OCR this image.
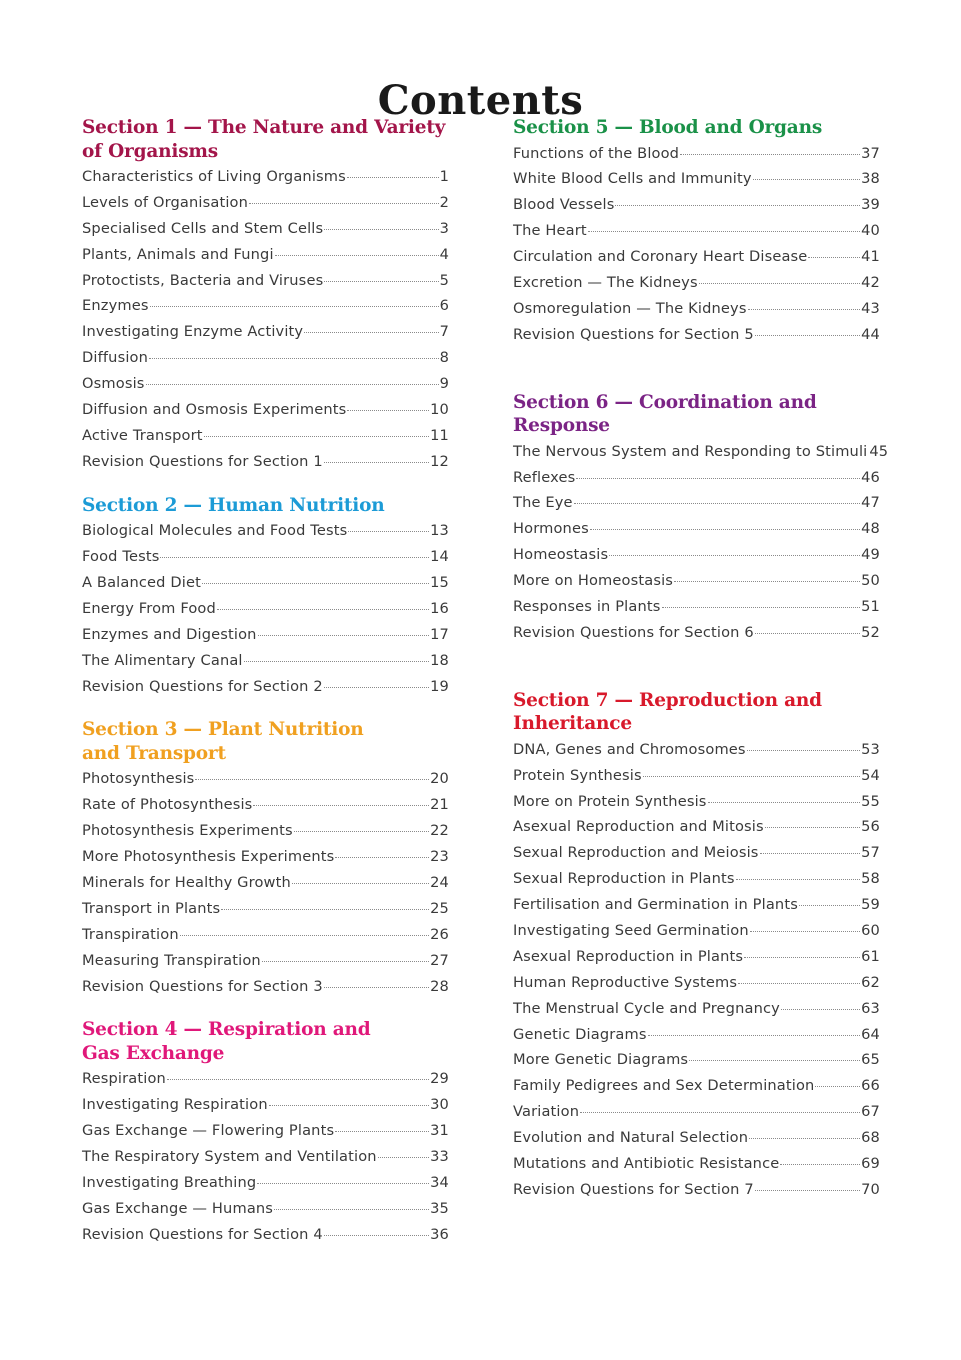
Contents
Section 1 — The Nature and Variety
of Organisms
Characteristics of Living Organisms	1
Levels of Organisation	2
Specialised Cells and Stem Cells	3
Plants, Animals and Fungi	4
Protoctists, Bacteria and Viruses	5
Enzymes	6
Investigating Enzyme Activity	7
Diffusion	8
Osmosis	9
Diffusion and Osmosis Experiments	10
Active Transport	11
Revision Questions for Section 1	12
Section 2 — Human Nutrition
Biological Molecules and Food Tests	13
Food Tests	14
A Balanced Diet	15
Energy From Food	16
Enzymes and Digestion	17
The Alimentary Canal	18
Revision Questions for Section 2	19
Section 3 — Plant Nutrition
and Transport
Photosynthesis	20
Rate of Photosynthesis	21
Photosynthesis Experiments	22
More Photosynthesis Experiments	23
Minerals for Healthy Growth	24
Transport in Plants	25
Transpiration	26
Measuring Transpiration	27
Revision Questions for Section 3	28
Section 4 — Respiration and
Gas Exchange
Respiration	29
Investigating Respiration	30
Gas Exchange — Flowering Plants	31
The Respiratory System and Ventilation	33
Investigating Breathing	34
Gas Exchange — Humans	35
Revision Questions for Section 4	36
Section 5 — Blood and Organs
Functions of the Blood	37
White Blood Cells and Immunity	38
Blood Vessels	39
The Heart	40
Circulation and Coronary Heart Disease	41
Excretion — The Kidneys	42
Osmoregulation — The Kidneys	43
Revision Questions for Section 5	44
Section 6 — Coordination and
Response
The Nervous System and Responding to Stimuli 45
Reflexes	46
The Eye	47
Hormones	48
Homeostasis	49
More on Homeostasis	50
Responses in Plants	51
Revision Questions for Section 6	52
Section 7 — Reproduction and
Inheritance
DNA, Genes and Chromosomes	53
Protein Synthesis	54
More on Protein Synthesis	55
Asexual Reproduction and Mitosis	56
Sexual Reproduction and Meiosis	57
Sexual Reproduction in Plants	58
Fertilisation and Germination in Plants	59
Investigating Seed Germination	60
Asexual Reproduction in Plants	61
Human Reproductive Systems	62
The Menstrual Cycle and Pregnancy	63
Genetic Diagrams	64
More Genetic Diagrams	65
Family Pedigrees and Sex Determination	66
Variation	67
Evolution and Natural Selection	68
Mutations and Antibiotic Resistance	69
Revision Questions for Section 7	70
